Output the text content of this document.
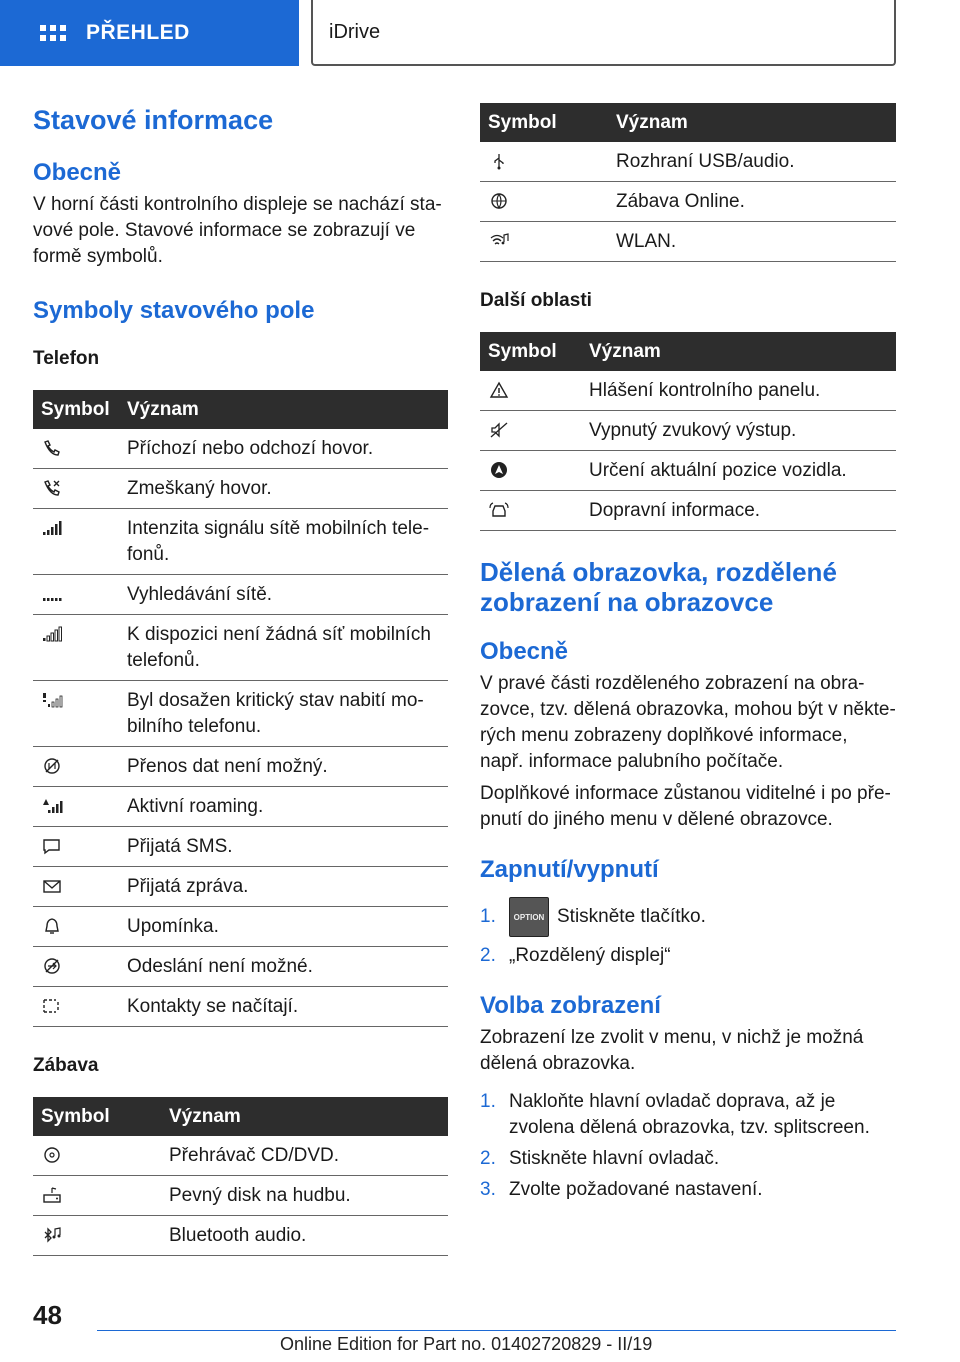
PŘEHLED	iDrive
Stavové informace
Obecně

V horní části kontrolního displeje se nachází stavové pole. Stavové informace se zobrazují ve formě symbolů.

Symboly stavového pole
Telefon
Symbol	Význam

	Příchozí nebo odchozí hovor.

	Zmeškaný hovor.

	Intenzita signálu sítě mobilních telefonů.

	Vyhledávání sítě.

	K dispozici není žádná síť mobilních telefonů.

	Byl dosažen kritický stav nabití mobilního telefonu.

	Přenos dat není možný.

	Aktivní roaming.

	Přijatá SMS.

	Přijatá zpráva.

	Upomínka.

	Odeslání není možné.

	Kontakty se načítají.
Zábava
Symbol	Význam

	Přehrávač CD/DVD.

	Pevný disk na hudbu.

	Bluetooth audio.
Symbol	Význam

	Rozhraní USB/audio.

	Zábava Online.

	WLAN.
Další oblasti
Symbol	Význam

	Hlášení kontrolního panelu.

	Vypnutý zvukový výstup.

	Určení aktuální pozice vozidla.

	Dopravní informace.
Dělená obrazovka, rozdělené zobrazení na obrazovce
Obecně

V pravé části rozděleného zobrazení na obrazovce, tzv. dělená obrazovka, mohou být v některých menu zobrazeny doplňkové informace, např. informace palubního počítače.

Doplňkové informace zůstanou viditelné i po přepnutí do jiného menu v dělené obrazovce.

Zapnutí/vypnutí
1.	OPTION Stiskněte tlačítko.
2. „Rozdělený displej“
Volba zobrazení

Zobrazení lze zvolit v menu, v nichž je možná dělená obrazovka.

1. Nakloňte hlavní ovladač doprava, až je zvolena dělená obrazovka, tzv. splitscreen.
2. Stiskněte hlavní ovladač.
3. Zvolte požadované nastavení.
48
Online Edition for Part no. 01402720829 - II/19
